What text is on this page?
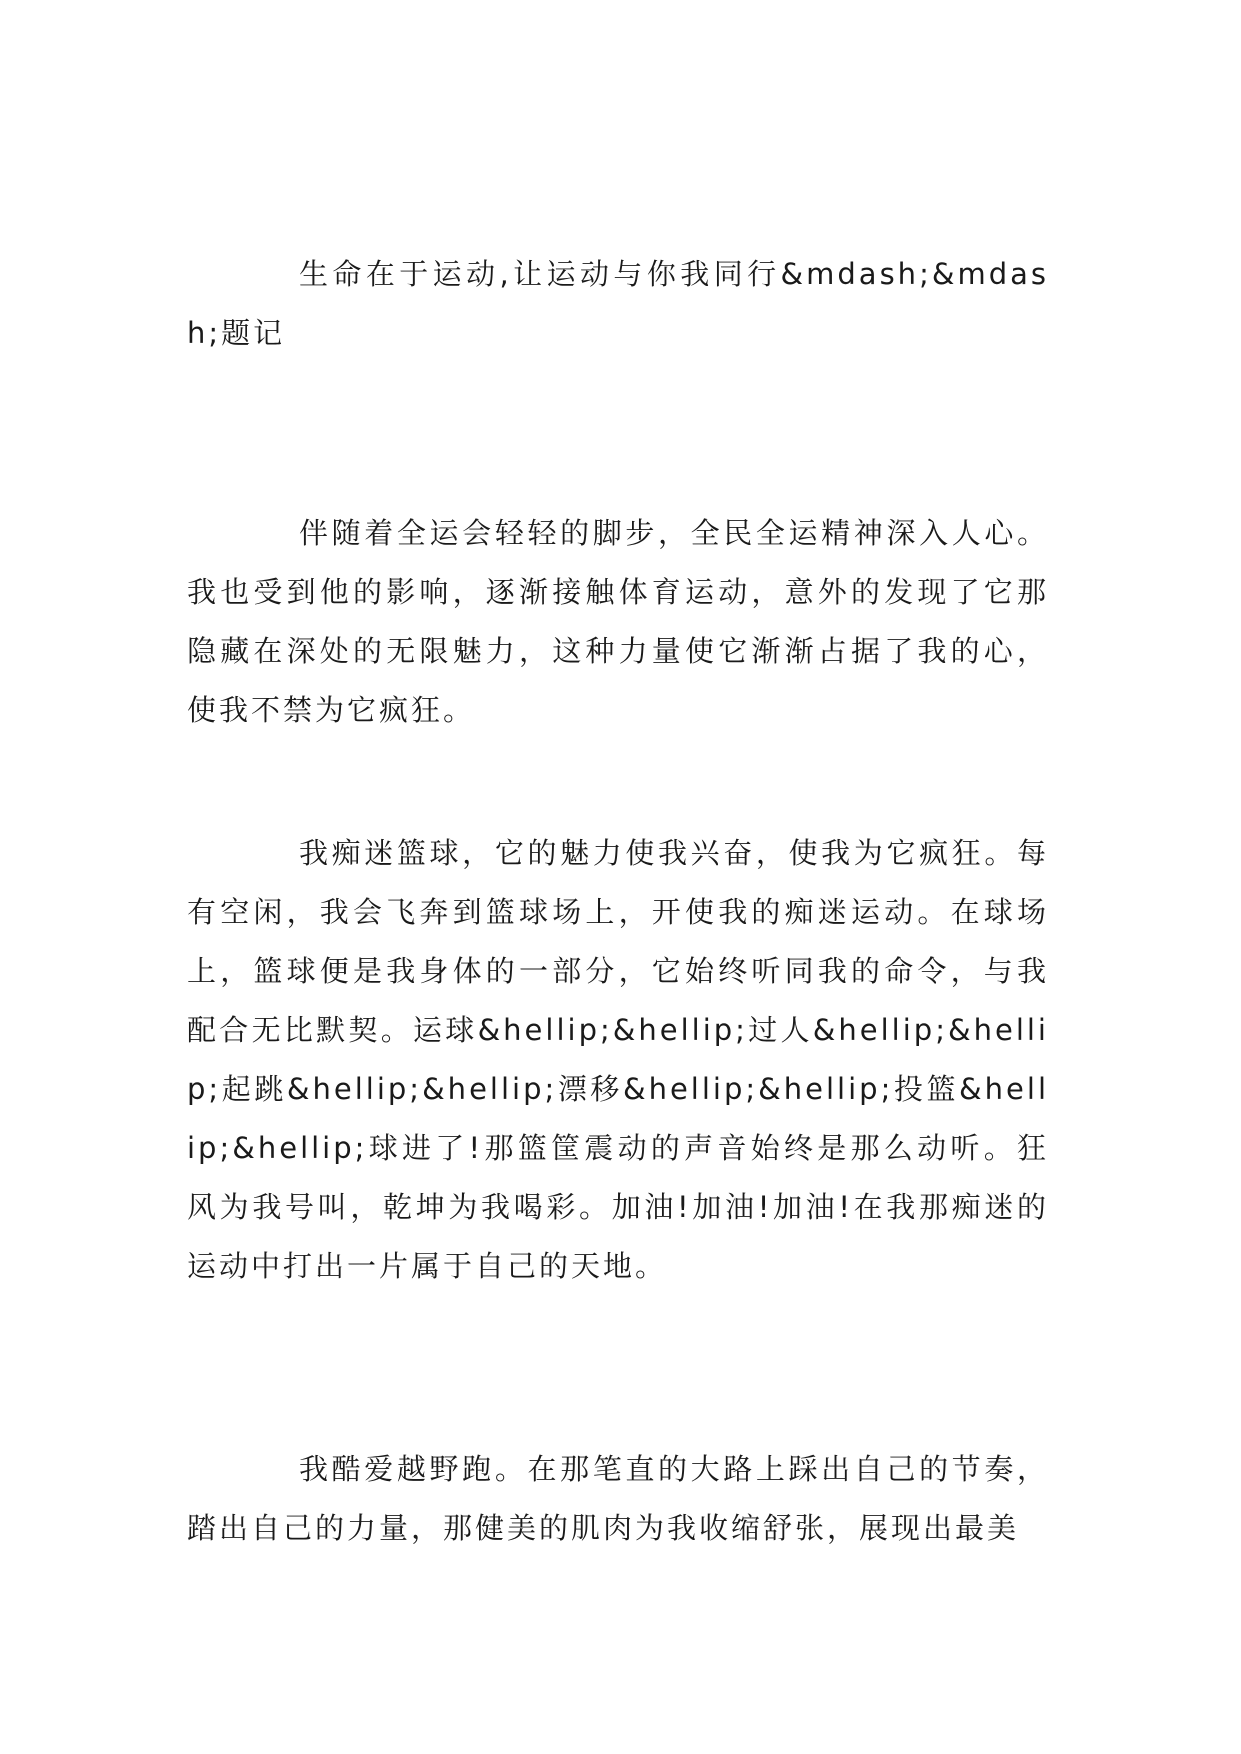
生命在于运动,让运动与你我同行&mdash;&mdash;题记

伴随着全运会轻轻的脚步，全民全运精神深入人心。我也受到他的影响，逐渐接触体育运动，意外的发现了它那隐藏在深处的无限魅力，这种力量使它渐渐占据了我的心，使我不禁为它疯狂。

我痴迷篮球，它的魅力使我兴奋，使我为它疯狂。每有空闲，我会飞奔到篮球场上，开使我的痴迷运动。在球场上，篮球便是我身体的一部分，它始终听同我的命令，与我配合无比默契。运球&hellip;&hellip;过人&hellip;&hellip;起跳&hellip;&hellip;漂移&hellip;&hellip;投篮&hellip;&hellip;球进了!那篮筐震动的声音始终是那么动听。狂风为我号叫，乾坤为我喝彩。加油!加油!加油!在我那痴迷的运动中打出一片属于自己的天地。

我酷爱越野跑。在那笔直的大路上踩出自己的节奏，踏出自己的力量，那健美的肌肉为我收缩舒张，展现出最美
